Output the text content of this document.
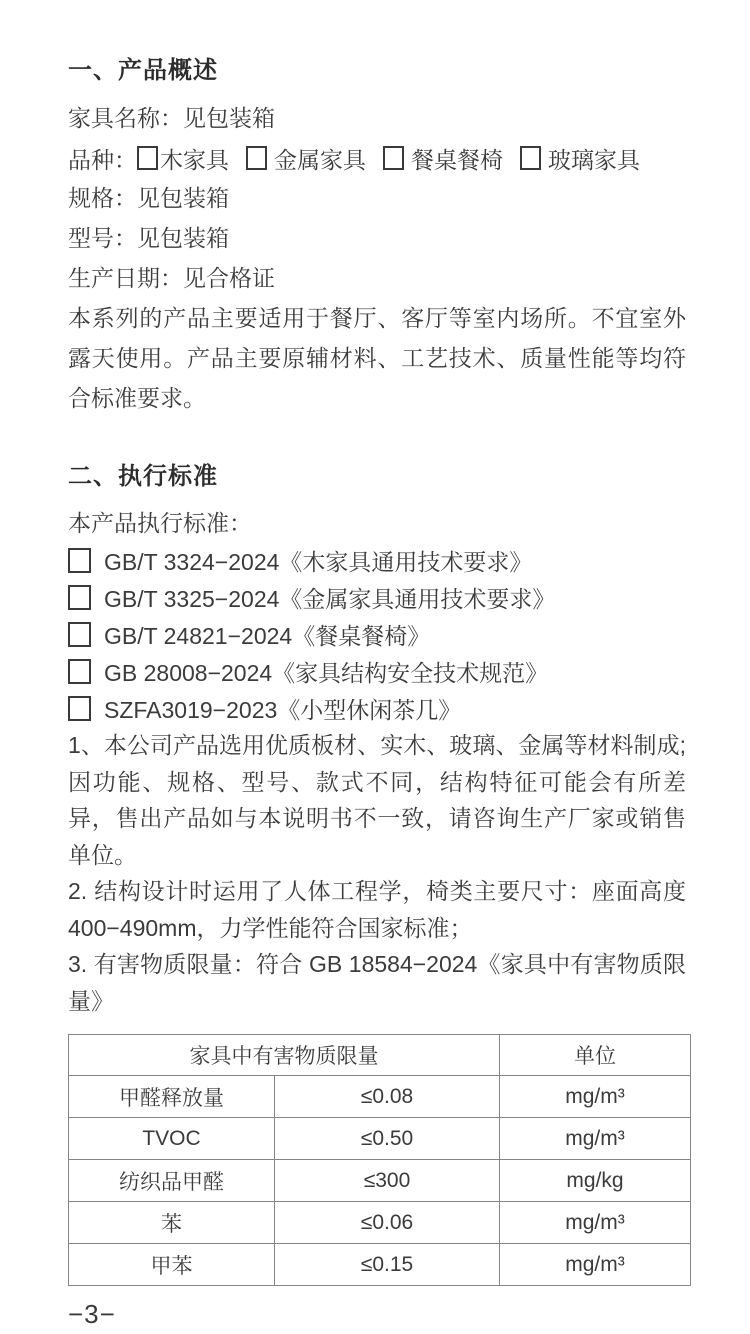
一、产品概述

家具名称：见包装箱

品种： 木家具 金属家具 餐桌餐椅 玻璃家具

规格：见包装箱

型号：见包装箱

生产日期：见合格证

本系列的产品主要适用于餐厅、客厅等室内场所。不宜室外露天使用。产品主要原辅材料、工艺技术、质量性能等均符合标准要求。

二、执行标准

本产品执行标准：

GB/T 3324−2024《木家具通用技术要求》
GB/T 3325−2024《金属家具通用技术要求》
GB/T 24821−2024《餐桌餐椅》
GB 28008−2024《家具结构安全技术规范》
SZFA3019−2023《小型休闲茶几》

1、本公司产品选用优质板材、实木、玻璃、金属等材料制成;因功能、规格、型号、款式不同，结构特征可能会有所差异，售出产品如与本说明书不一致，请咨询生产厂家或销售单位。

2. 结构设计时运用了人体工程学，椅类主要尺寸：座面高度400−490mm，力学性能符合国家标准；

3. 有害物质限量：符合 GB 18584−2024《家具中有害物质限量》

家具中有害物质限量		单位
甲醛释放量	≤0.08	mg/m³
TVOC	≤0.50	mg/m³
纺织品甲醛	≤300	mg/kg
苯	≤0.06	mg/m³
甲苯	≤0.15	mg/m³
−3−
